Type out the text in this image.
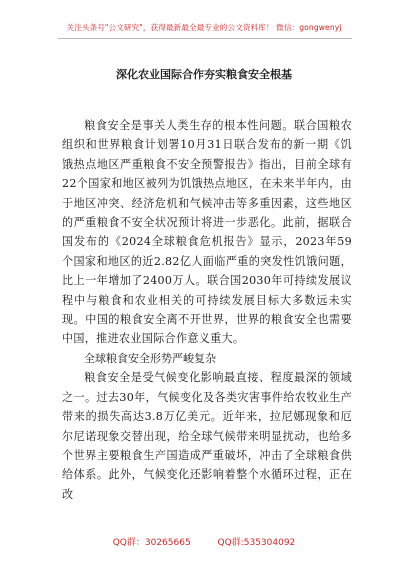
关注头条号"公文研究"，获得最新最全最专业的公文资料库！ 微信：gongwenyj
深化农业国际合作夯实粮食安全根基

粮食安全是事关人类生存的根本性问题。联合国粮农组织和世界粮食计划署10月31日联合发布的新一期《饥饿热点地区严重粮食不安全预警报告》指出，目前全球有22个国家和地区被列为饥饿热点地区，在未来半年内，由于地区冲突、经济危机和气候冲击等多重因素，这些地区的严重粮食不安全状况预计将进一步恶化。此前，据联合国发布的《2024全球粮食危机报告》显示，2023年59个国家和地区的近2.82亿人面临严重的突发性饥饿问题，比上一年增加了2400万人。联合国2030年可持续发展议程中与粮食和农业相关的可持续发展目标大多数远未实现。中国的粮食安全离不开世界，世界的粮食安全也需要中国，推进农业国际合作意义重大。

全球粮食安全形势严峻复杂

粮食安全是受气候变化影响最直接、程度最深的领域之一。过去30年，气候变化及各类灾害事件给农牧业生产带来的损失高达3.8万亿美元。近年来，拉尼娜现象和厄尔尼诺现象交替出现，给全球气候带来明显扰动，也给多个世界主要粮食生产国造成严重破坏，冲击了全球粮食供给体系。此外，气候变化还影响着整个水循环过程，正在改

QQ群：30265665	QQ群:535304092
